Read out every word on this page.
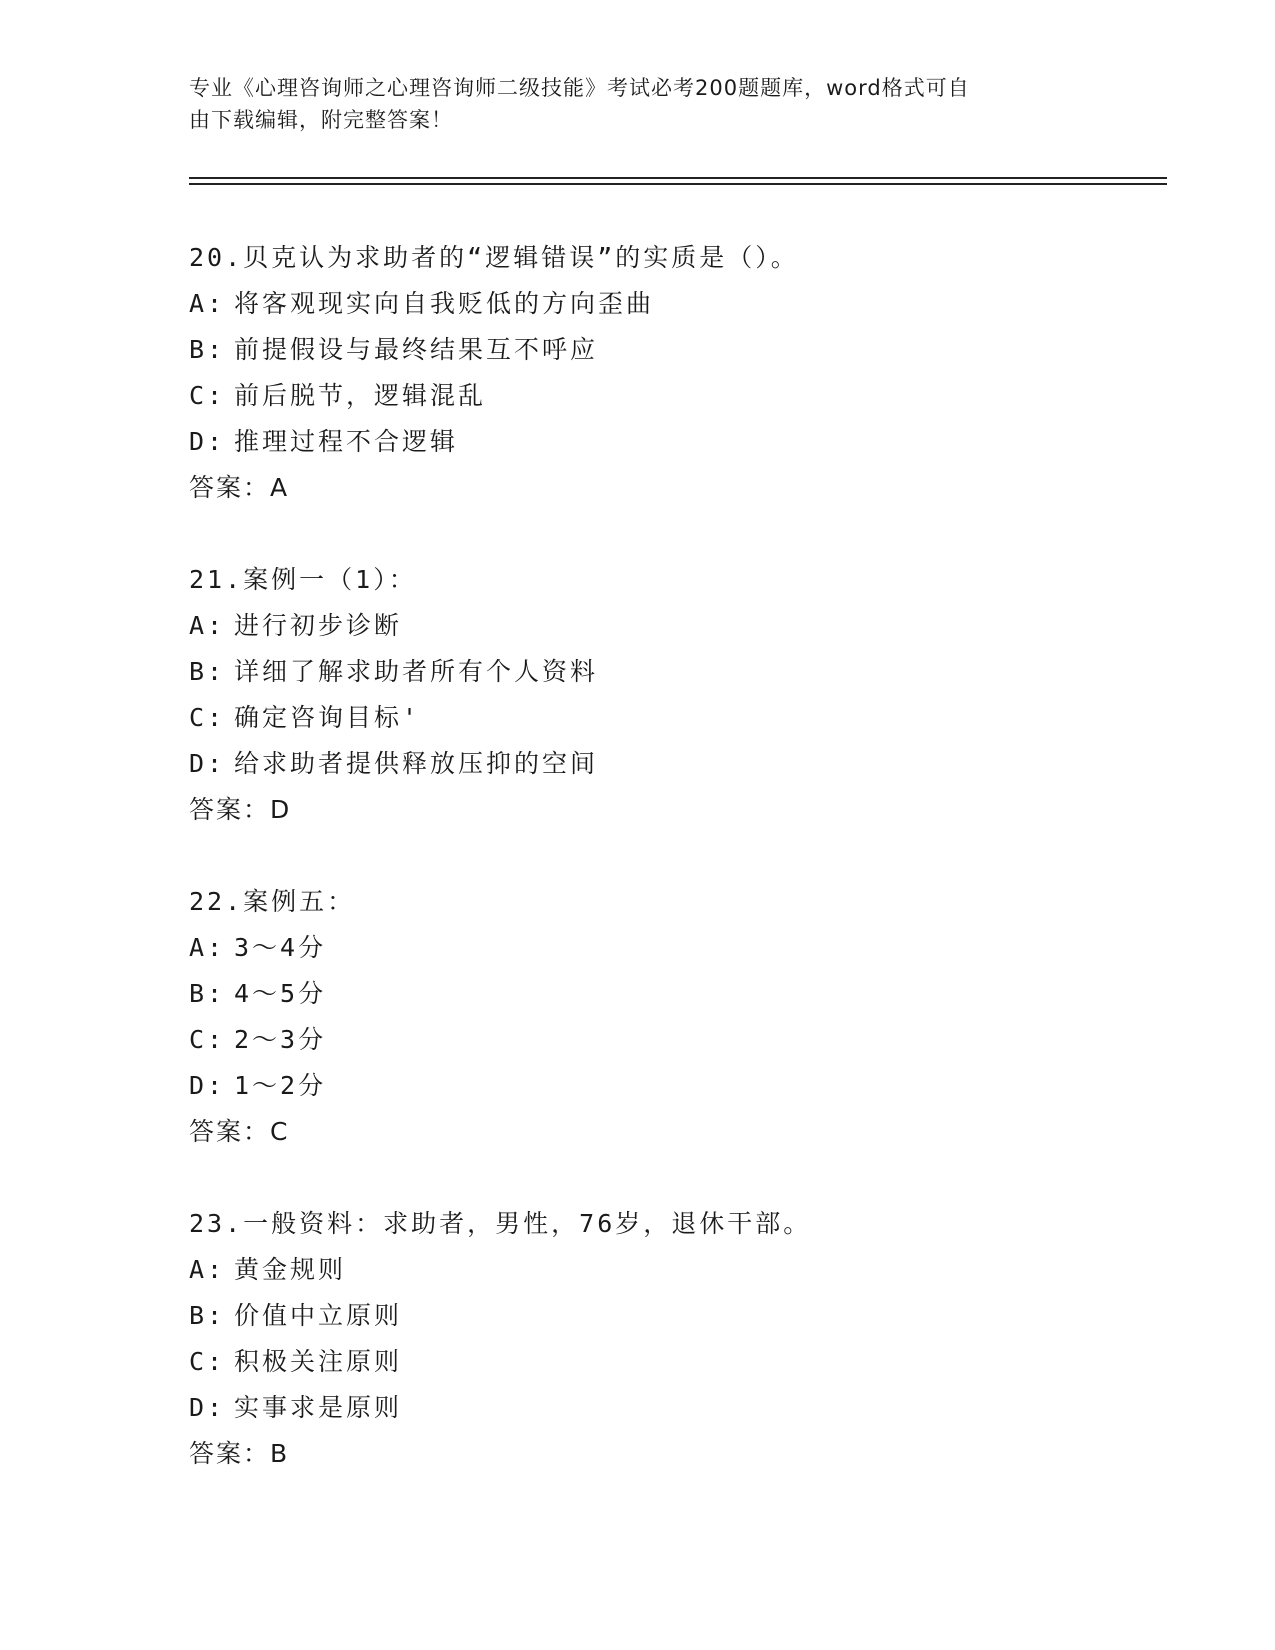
专业《心理咨询师之心理咨询师二级技能》考试必考200题题库，word格式可自
由下载编辑，附完整答案！
20.贝克认为求助者的“逻辑错误”的实质是（）。
A: 将客观现实向自我贬低的方向歪曲
B: 前提假设与最终结果互不呼应
C: 前后脱节，逻辑混乱
D: 推理过程不合逻辑
答案：A
21.案例一（1）：
A: 进行初步诊断
B: 详细了解求助者所有个人资料
C: 确定咨询目标'
D: 给求助者提供释放压抑的空间
答案：D
22.案例五：
A: 3～4分
B: 4～5分
C: 2～3分
D: 1～2分
答案：C
23.一般资料：求助者，男性，76岁，退休干部。
A: 黄金规则
B: 价值中立原则
C: 积极关注原则
D: 实事求是原则
答案：B
